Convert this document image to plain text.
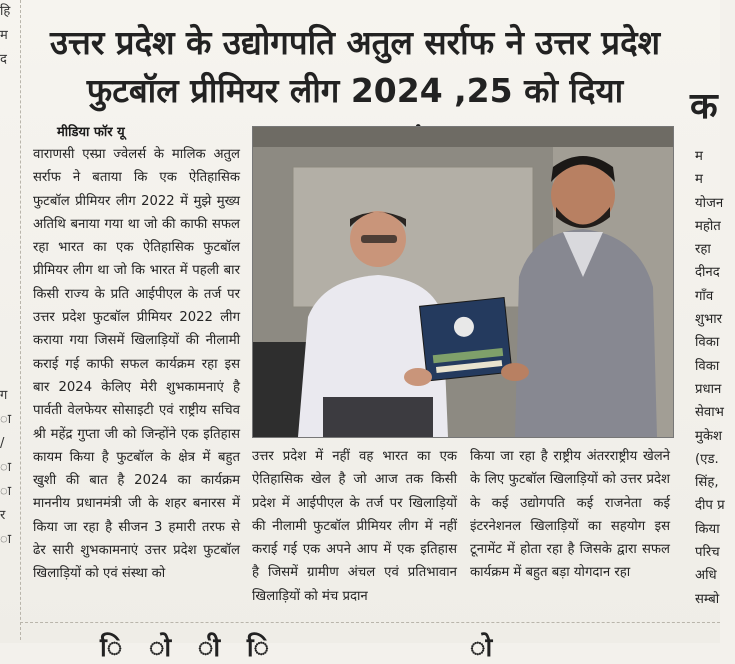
हि
म
द
ग
ा
/
ा
ा
र
ा

उत्तर प्रदेश के उद्योगपति अतुल सर्राफ ने उत्तर प्रदेश

फुटबॉल प्रीमियर लीग 2024 ,25 को दिया	क
मीडिया फॉर यू
वाराणसी एस्प्रा ज्वेलर्स के मालिक अतुल सर्राफ ने बताया कि एक ऐतिहासिक फुटबॉल प्रीमियर लीग 2022 में मुझे मुख्य अतिथि बनाया गया था जो की काफी सफल रहा भारत का एक ऐतिहासिक फुटबॉल प्रीमियर लीग था जो कि भारत में पहली बार किसी राज्य के प्रति आईपीएल के तर्ज पर उत्तर प्रदेश फुटबॉल प्रीमियर 2022 लीग कराया गया जिसमें खिलाड़ियों की नीलामी कराई गई काफी सफल कार्यक्रम रहा इस बार 2024 केलिए मेरी शुभकामनाएं है पार्वती वेलफेयर सोसाइटी एवं राष्ट्रीय सचिव श्री महेंद्र गुप्ता जी को जिन्होंने एक इतिहास कायम किया है फुटबॉल के क्षेत्र में बहुत खुशी की बात है 2024 का कार्यक्रम माननीय प्रधानमंत्री जी के शहर बनारस में किया जा रहा है सीजन 3 हमारी तरफ से ढेर सारी शुभकामनाएं उत्तर प्रदेश फुटबॉल खिलाड़ियों को एवं संस्था को
उत्तर प्रदेश में नहीं वह भारत का एक ऐतिहासिक खेल है जो आज तक किसी प्रदेश में आईपीएल के तर्ज पर खिलाड़ियों की नीलामी फुटबॉल प्रीमियर लीग में नहीं कराई गई एक अपने आप में एक इतिहास है जिसमें ग्रामीण अंचल एवं प्रतिभावान खिलाड़ियों को मंच प्रदान
किया जा रहा है राष्ट्रीय अंतरराष्ट्रीय खेलने के लिए फुटबॉल खिलाड़ियों को उत्तर प्रदेश के कई उद्योगपति कई राजनेता कई इंटरनेशनल खिलाड़ियों का सहयोग इस टूनामेंट में होता रहा है जिसके द्वारा सफल कार्यक्रम में बहुत बड़ा योगदान रहा
म
म
योजन
महोत
रहा
दीनद
गाँव
शुभार
विका
विका
प्रधान
सेवाभ
मुकेश
(एड.
सिंह,
दीप प्र
किया
परिच
अधि
सम्बो
ि ो ी ि	ो
